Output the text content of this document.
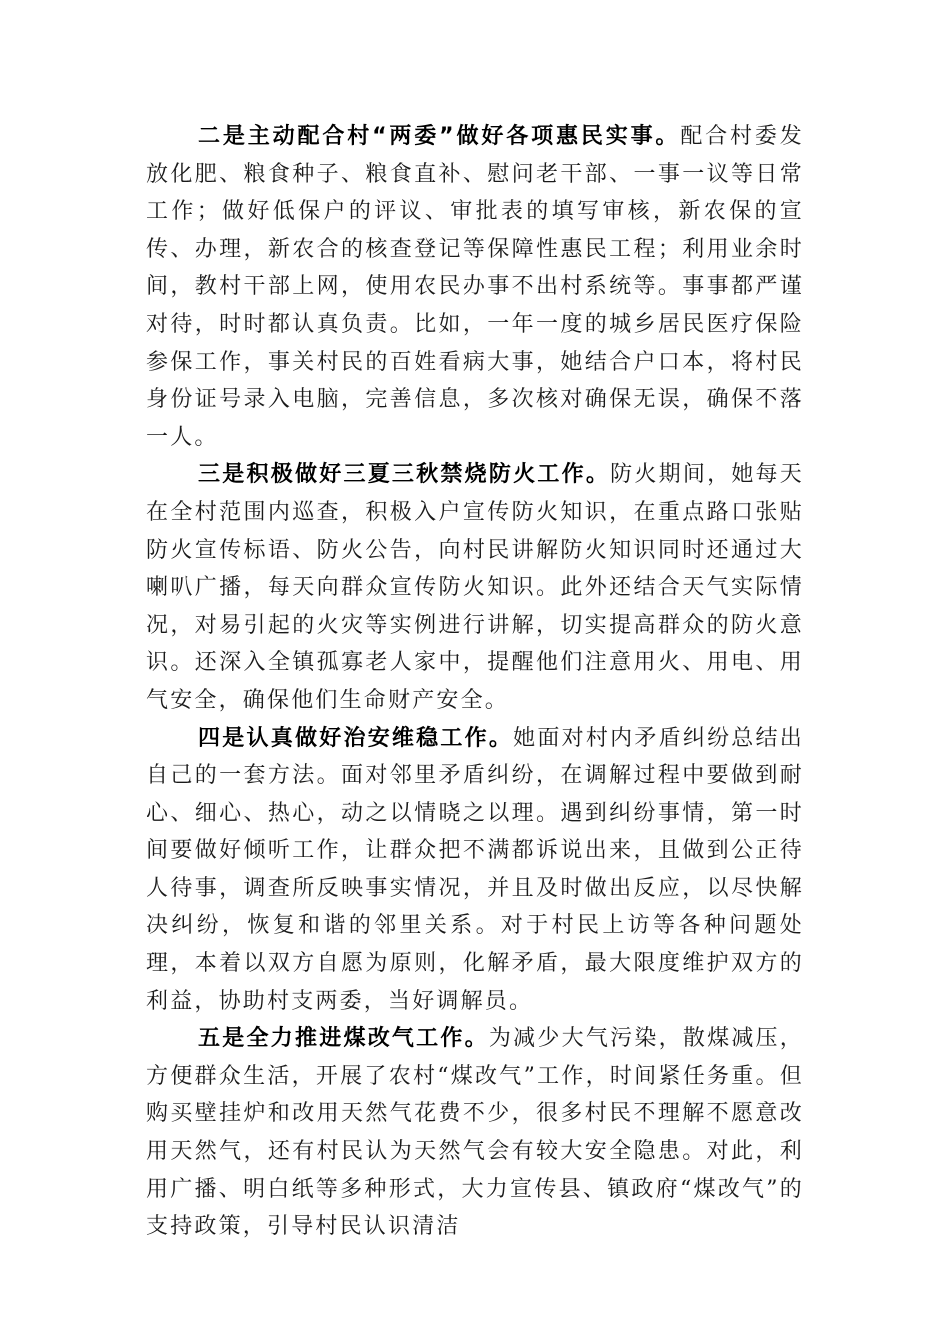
二是主动配合村“两委”做好各项惠民实事。配合村委发放化肥、粮食种子、粮食直补、慰问老干部、一事一议等日常工作；做好低保户的评议、审批表的填写审核，新农保的宣传、办理，新农合的核查登记等保障性惠民工程；利用业余时间，教村干部上网，使用农民办事不出村系统等。事事都严谨对待，时时都认真负责。比如，一年一度的城乡居民医疗保险参保工作，事关村民的百姓看病大事，她结合户口本，将村民身份证号录入电脑，完善信息，多次核对确保无误，确保不落一人。

三是积极做好三夏三秋禁烧防火工作。防火期间，她每天在全村范围内巡查，积极入户宣传防火知识，在重点路口张贴防火宣传标语、防火公告，向村民讲解防火知识同时还通过大喇叭广播，每天向群众宣传防火知识。此外还结合天气实际情况，对易引起的火灾等实例进行讲解，切实提高群众的防火意识。还深入全镇孤寡老人家中，提醒他们注意用火、用电、用气安全，确保他们生命财产安全。

四是认真做好治安维稳工作。她面对村内矛盾纠纷总结出自己的一套方法。面对邻里矛盾纠纷，在调解过程中要做到耐心、细心、热心，动之以情晓之以理。遇到纠纷事情，第一时间要做好倾听工作，让群众把不满都诉说出来，且做到公正待人待事，调查所反映事实情况，并且及时做出反应，以尽快解决纠纷，恢复和谐的邻里关系。对于村民上访等各种问题处理，本着以双方自愿为原则，化解矛盾，最大限度维护双方的利益，协助村支两委，当好调解员。

五是全力推进煤改气工作。为减少大气污染，散煤减压，方便群众生活，开展了农村“煤改气”工作，时间紧任务重。但购买壁挂炉和改用天然气花费不少，很多村民不理解不愿意改用天然气，还有村民认为天然气会有较大安全隐患。对此，利用广播、明白纸等多种形式，大力宣传县、镇政府“煤改气”的支持政策，引导村民认识清洁
